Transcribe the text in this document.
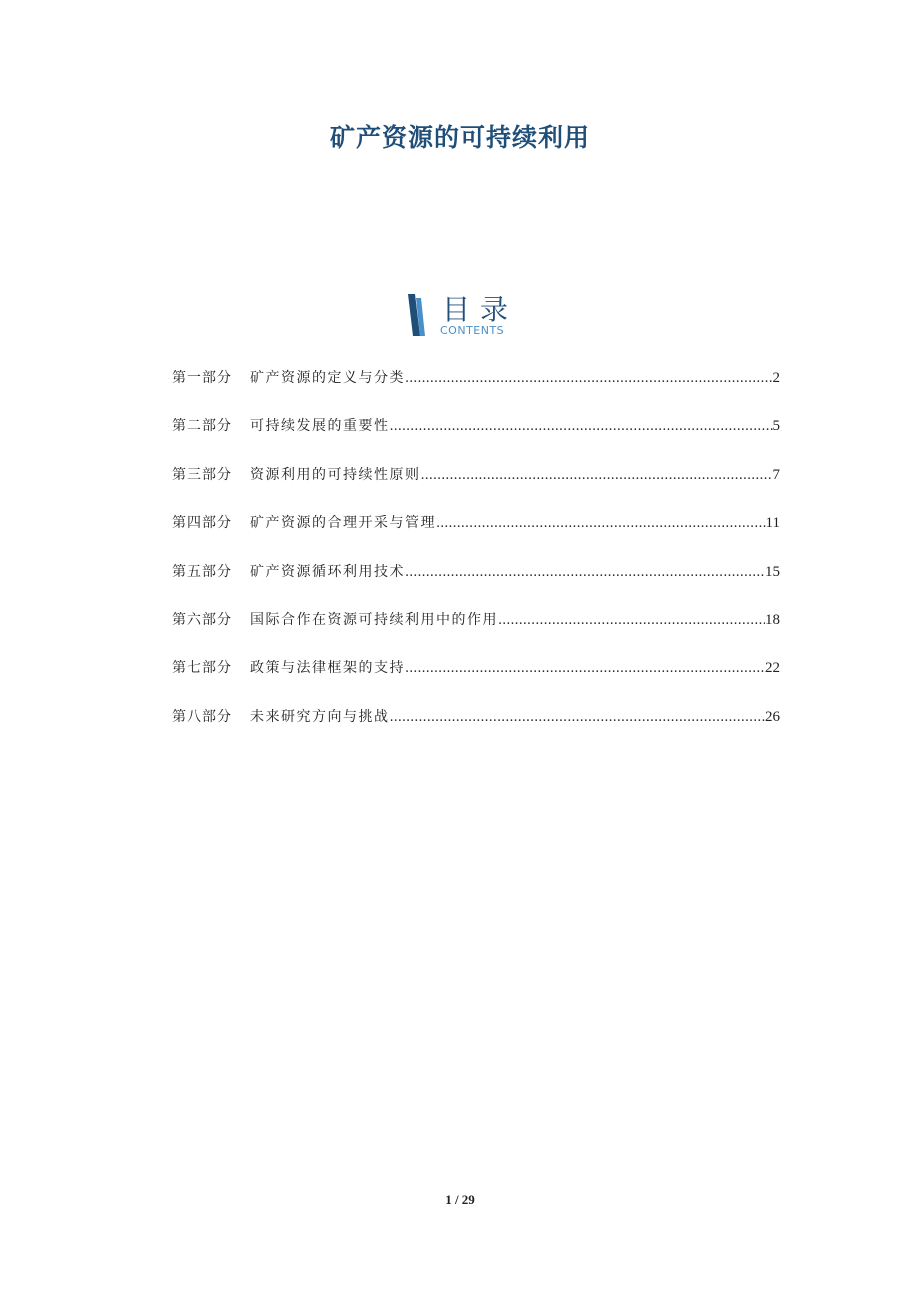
矿产资源的可持续利用
目录
CONTENTS
第一部分 矿产资源的定义与分类 .....	2
第二部分 可持续发展的重要性 .....	5
第三部分 资源利用的可持续性原则 .....	7
第四部分 矿产资源的合理开采与管理 .....	11
第五部分 矿产资源循环利用技术 .....	15
第六部分 国际合作在资源可持续利用中的作用 .....	18
第七部分 政策与法律框架的支持 .....	22
第八部分 未来研究方向与挑战 .....	26
1 / 29
